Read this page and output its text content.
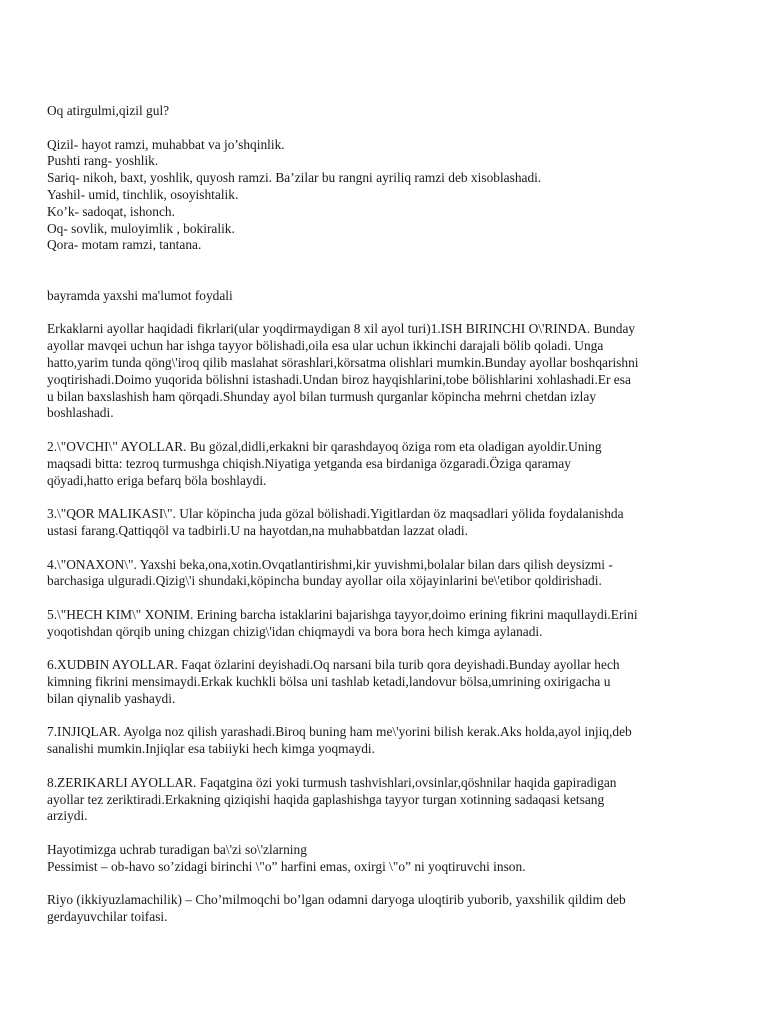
Oq atirgulmi,qizil gul?

Qizil- hayot ramzi, muhabbat va jo’shqinlik.
Pushti rang- yoshlik.
Sariq- nikoh, baxt, yoshlik, quyosh ramzi. Ba’zilar bu rangni ayriliq ramzi deb xisoblashadi.
Yashil- umid, tinchlik, osoyishtalik.
Ko’k- sadoqat, ishonch.
Oq- sovlik, muloyimlik , bokiralik.
Qora- motam ramzi, tantana.

bayramda yaxshi ma'lumot foydali

Erkaklarni ayollar haqidadi fikrlari(ular yoqdirmaydigan 8 xil ayol turi)1.ISH BIRINCHI O\'RINDA. Bunday
ayollar mavqei uchun har ishga tayyor bölishadi,oila esa ular uchun ikkinchi darajali bölib qoladi. Unga
hatto,yarim tunda qöng\'iroq qilib maslahat sörashlari,körsatma olishlari mumkin.Bunday ayollar boshqarishni
yoqtirishadi.Doimo yuqorida bölishni istashadi.Undan biroz hayqishlarini,tobe bölishlarini xohlashadi.Er esa
u bilan baxslashish ham qörqadi.Shunday ayol bilan turmush qurganlar köpincha mehrni chetdan izlay
boshlashadi.

2.\"OVCHI\" AYOLLAR. Bu gözal,didli,erkakni bir qarashdayoq öziga rom eta oladigan ayoldir.Uning
maqsadi bitta: tezroq turmushga chiqish.Niyatiga yetganda esa birdaniga özgaradi.Öziga qaramay
qöyadi,hatto eriga befarq böla boshlaydi.

3.\"QOR MALIKASI\". Ular köpincha juda gözal bölishadi.Yigitlardan öz maqsadlari yölida foydalanishda
ustasi farang.Qattiqqöl va tadbirli.U na hayotdan,na muhabbatdan lazzat oladi.

4.\"ONAXON\". Yaxshi beka,ona,xotin.Ovqatlantirishmi,kir yuvishmi,bolalar bilan dars qilish deysizmi -
barchasiga ulguradi.Qizig\'i shundaki,köpincha bunday ayollar oila xöjayinlarini be\'etibor qoldirishadi.

5.\"HECH KIM\" XONIM. Erining barcha istaklarini bajarishga tayyor,doimo erining fikrini maqullaydi.Erini
yoqotishdan qörqib uning chizgan chizig\'idan chiqmaydi va bora bora hech kimga aylanadi.

6.XUDBIN AYOLLAR. Faqat özlarini deyishadi.Oq narsani bila turib qora deyishadi.Bunday ayollar hech
kimning fikrini mensimaydi.Erkak kuchkli bölsa uni tashlab ketadi,landovur bölsa,umrining oxirigacha u
bilan qiynalib yashaydi.

7.INJIQLAR. Ayolga noz qilish yarashadi.Biroq buning ham me\'yorini bilish kerak.Aks holda,ayol injiq,deb
sanalishi mumkin.Injiqlar esa tabiiyki hech kimga yoqmaydi.

8.ZERIKARLI AYOLLAR. Faqatgina özi yoki turmush tashvishlari,ovsinlar,qöshnilar haqida gapiradigan
ayollar tez zeriktiradi.Erkakning qiziqishi haqida gaplashishga tayyor turgan xotinning sadaqasi ketsang
arziydi.

Hayotimizga uchrab turadigan ba\'zi so\'zlarning
Pessimist – ob-havo so’zidagi birinchi \"o” harfini emas, oxirgi \"o” ni yoqtiruvchi inson.

Riyo (ikkiyuzlamachilik) – Cho’milmoqchi bo’lgan odamni daryoga uloqtirib yuborib, yaxshilik qildim deb
gerdayuvchilar toifasi.
